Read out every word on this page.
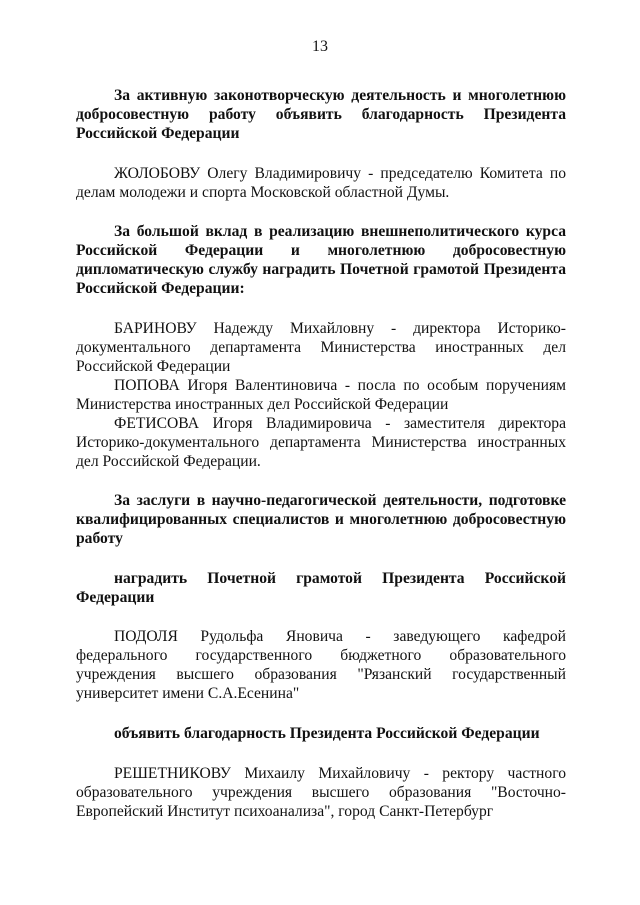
13
За активную законотворческую деятельность и многолетнюю добросовестную работу объявить благодарность Президента Российской Федерации
ЖОЛОБОВУ Олегу Владимировичу - председателю Комитета по делам молодежи и спорта Московской областной Думы.
За большой вклад в реализацию внешнеполитического курса Российской Федерации и многолетнюю добросовестную дипломатическую службу наградить Почетной грамотой Президента Российской Федерации:
БАРИНОВУ Надежду Михайловну - директора Историко-документального департамента Министерства иностранных дел Российской Федерации
ПОПОВА Игоря Валентиновича - посла по особым поручениям Министерства иностранных дел Российской Федерации
ФЕТИСОВА Игоря Владимировича - заместителя директора Историко-документального департамента Министерства иностранных дел Российской Федерации.
За заслуги в научно-педагогической деятельности, подготовке квалифицированных специалистов и многолетнюю добросовестную работу
наградить Почетной грамотой Президента Российской Федерации
ПОДОЛЯ Рудольфа Яновича - заведующего кафедрой федерального государственного бюджетного образовательного учреждения высшего образования "Рязанский государственный университет имени С.А.Есенина"
объявить благодарность Президента Российской Федерации
РЕШЕТНИКОВУ Михаилу Михайловичу - ректору частного образовательного учреждения высшего образования "Восточно-Европейский Институт психоанализа", город Санкт-Петербург
